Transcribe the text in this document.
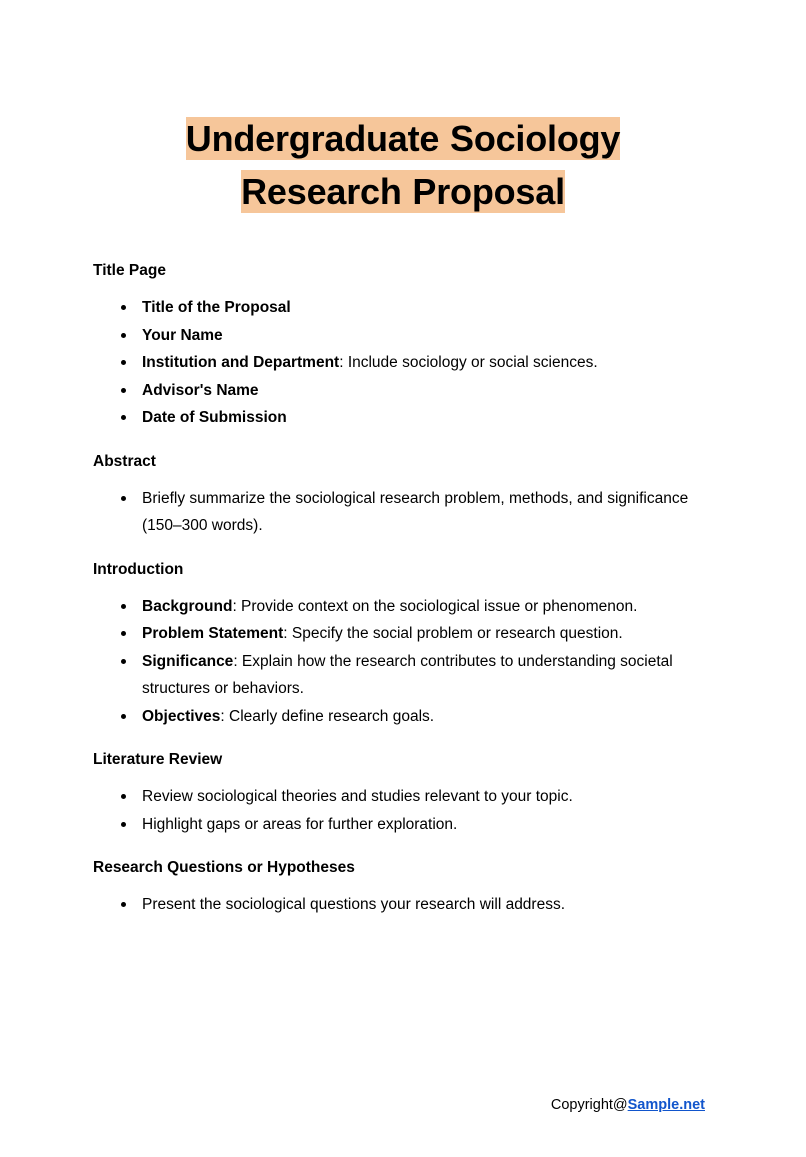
Undergraduate Sociology
Research Proposal
Title Page
Title of the Proposal
Your Name
Institution and Department: Include sociology or social sciences.
Advisor's Name
Date of Submission
Abstract
Briefly summarize the sociological research problem, methods, and significance (150–300 words).
Introduction
Background: Provide context on the sociological issue or phenomenon.
Problem Statement: Specify the social problem or research question.
Significance: Explain how the research contributes to understanding societal structures or behaviors.
Objectives: Clearly define research goals.
Literature Review
Review sociological theories and studies relevant to your topic.
Highlight gaps or areas for further exploration.
Research Questions or Hypotheses
Present the sociological questions your research will address.
Copyright@Sample.net
